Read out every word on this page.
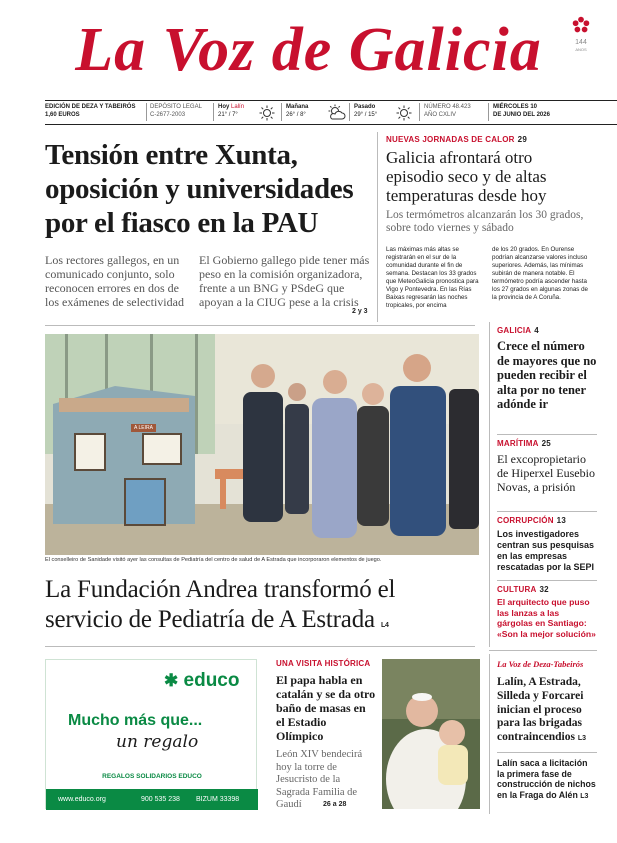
La Voz de Galicia	144
ANOS
EDICIÓN DE DEZA Y TABEIRÓS
1,60 EUROS
DEPÓSITO LEGAL
C-2677-2003
Hoy Lalín
21° / 7°
Mañana
26° / 8°
Pasado
29° / 15°
NÚMERO 48.423
AÑO CXLIV
MIÉRCOLES 10
DE JUNIO DEL 2026
Tensión entre Xunta, oposición y universidades por el fiasco en la PAU
Los rectores gallegos, en un comunicado conjunto, solo reconocen errores en dos de los exámenes de selectividad
El Gobierno gallego pide tener más peso en la comisión organizadora, frente a un BNG y PSdeG que apoyan a la CIUG pese a la crisis
2 y 3
NUEVAS JORNADAS DE CALOR 29
Galicia afrontará otro episodio seco y de altas temperaturas desde hoy
Los termómetros alcanzarán los 30 grados, sobre todo viernes y sábado
Las máximas más altas se registrarán en el sur de la comunidad durante el fin de semana. Destacan los 33 grados que MeteoGalicia pronostica para Vigo y Pontevedra. En las Rías Baixas regresarán las noches tropicales, por encima
de los 20 grados. En Ourense podrían alcanzarse valores incluso superiores. Además, las mínimas subirán de manera notable. El termómetro podría ascender hasta los 27 grados en algunas zonas de la provincia de A Coruña.
A LEIRA
El conselleiro de Sanidade visitó ayer las consultas de Pediatría del centro de salud de A Estrada que incorporaron elementos de juego.
La Fundación Andrea transformó el servicio de Pediatría de A Estrada L4
GALICIA 4
Crece el número de mayores que no pueden recibir el alta por no tener adónde ir
MARÍTIMA 25
El excopropietario de Hiperxel Eusebio Novas, a prisión
CORRUPCIÓN 13
Los investigadores centran sus pesquisas en las empresas rescatadas por la SEPI
CULTURA 32
El arquitecto que puso las lanzas a las gárgolas en Santiago: «Son la mejor solución»
✱ educo
Mucho más que...
un regalo
REGALOS SOLIDARIOS EDUCO
www.educo.org	900 535 238 BIZUM 33398
UNA VISITA HISTÓRICA
El papa habla en catalán y se da otro baño de masas en el Estadio Olímpico
León XIV bendecirá hoy la torre de Jesucristo de la Sagrada Familia de Gaudí	26 a 28
La Voz de Deza-Tabeirós
Lalín, A Estrada, Silleda y Forcarei inician el proceso para las brigadas contraincendios L3
Lalín saca a licitación la primera fase de construcción de nichos en la Fraga do Alén L3
